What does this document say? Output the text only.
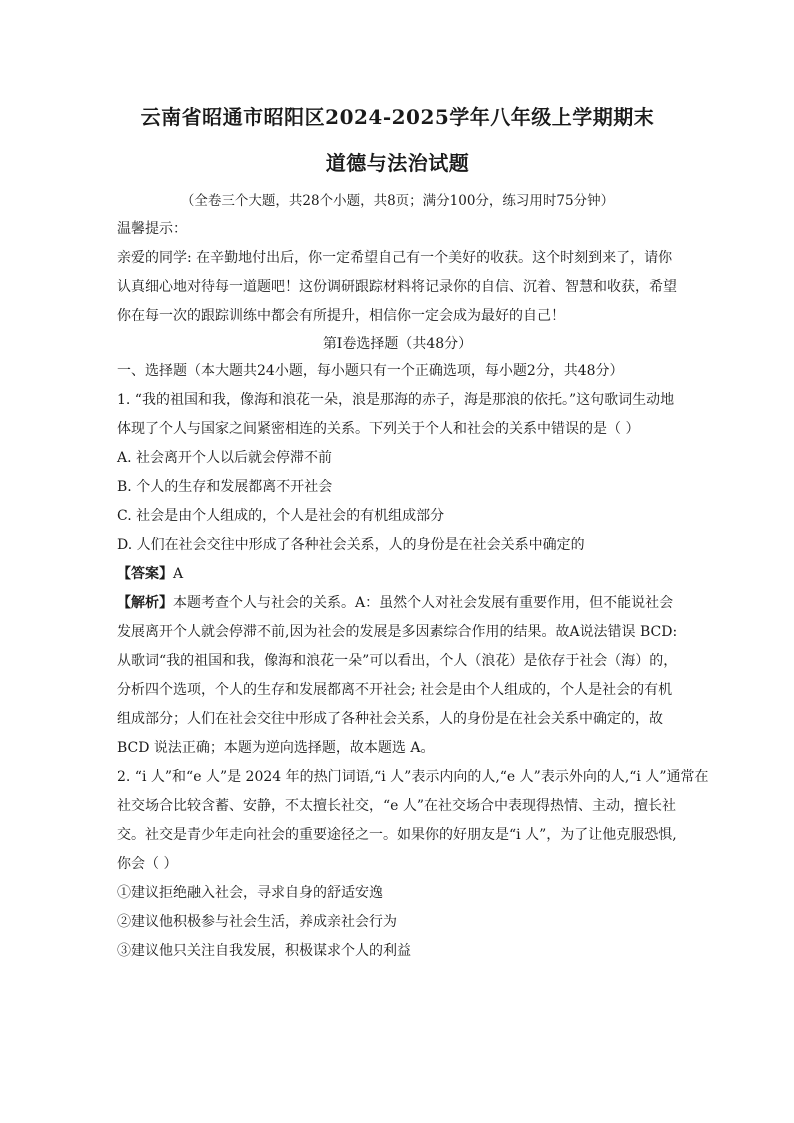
云南省昭通市昭阳区2024-2025学年八年级上学期期末
道德与法治试题
（全卷三个大题，共28个小题，共8页；满分100分，练习用时75分钟）
温馨提示：
亲爱的同学: 在辛勤地付出后，你一定希望自己有一个美好的收获。这个时刻到来了，请你
认真细心地对待每一道题吧！这份调研跟踪材料将记录你的自信、沉着、智慧和收获，希望
你在每一次的跟踪训练中都会有所提升，相信你一定会成为最好的自己！
第I卷选择题（共48分）
一、选择题（本大题共24小题，每小题只有一个正确选项，每小题2分，共48分）
1. “我的祖国和我，像海和浪花一朵，浪是那海的赤子，海是那浪的依托。”这句歌词生动地
体现了个人与国家之间紧密相连的关系。下列关于个人和社会的关系中错误的是（ ）
A. 社会离开个人以后就会停滞不前
B. 个人的生存和发展都离不开社会
C. 社会是由个人组成的，个人是社会的有机组成部分
D. 人们在社会交往中形成了各种社会关系，人的身份是在社会关系中确定的
【答案】A
【解析】本题考查个人与社会的关系。A：虽然个人对社会发展有重要作用，但不能说社会
发展离开个人就会停滞不前,因为社会的发展是多因素综合作用的结果。故A说法错误 BCD:
从歌词“我的祖国和我，像海和浪花一朵”可以看出，个人（浪花）是依存于社会（海）的，
分析四个选项，个人的生存和发展都离不开社会; 社会是由个人组成的，个人是社会的有机
组成部分；人们在社会交往中形成了各种社会关系，人的身份是在社会关系中确定的，故
BCD 说法正确；本题为逆向选择题，故本题选 A。
2. “i 人”和“e 人”是 2024 年的热门词语,“i 人”表示内向的人,“e 人”表示外向的人,“i 人”通常在
社交场合比较含蓄、安静，不太擅长社交，“e 人”在社交场合中表现得热情、主动，擅长社
交。社交是青少年走向社会的重要途径之一。如果你的好朋友是“i 人”，为了让他克服恐惧,
你会（ ）
①建议拒绝融入社会，寻求自身的舒适安逸
②建议他积极参与社会生活，养成亲社会行为
③建议他只关注自我发展，积极谋求个人的利益
